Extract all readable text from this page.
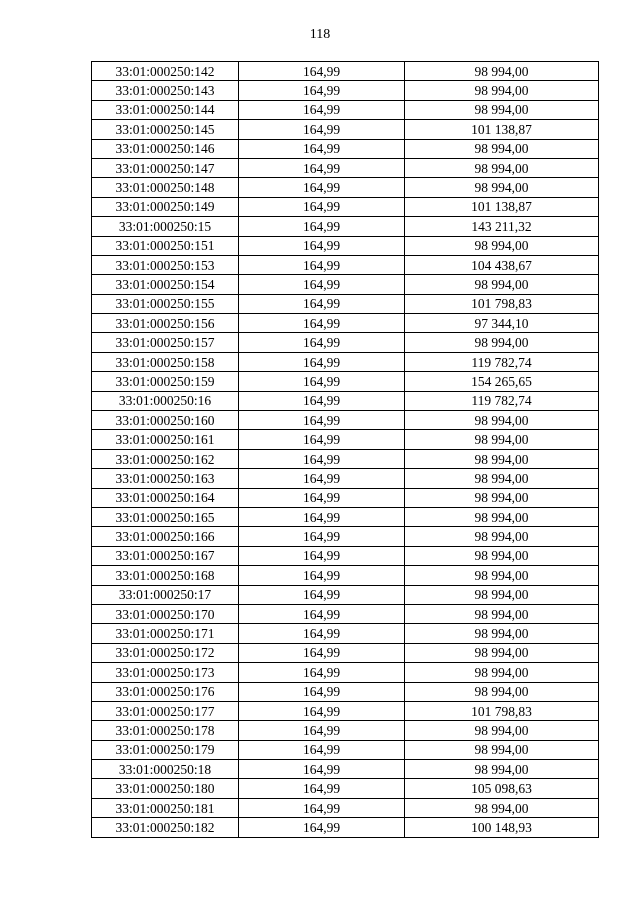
118
33:01:000250:142	164,99	98 994,00
33:01:000250:143	164,99	98 994,00
33:01:000250:144	164,99	98 994,00
33:01:000250:145	164,99	101 138,87
33:01:000250:146	164,99	98 994,00
33:01:000250:147	164,99	98 994,00
33:01:000250:148	164,99	98 994,00
33:01:000250:149	164,99	101 138,87
33:01:000250:15	164,99	143 211,32
33:01:000250:151	164,99	98 994,00
33:01:000250:153	164,99	104 438,67
33:01:000250:154	164,99	98 994,00
33:01:000250:155	164,99	101 798,83
33:01:000250:156	164,99	97 344,10
33:01:000250:157	164,99	98 994,00
33:01:000250:158	164,99	119 782,74
33:01:000250:159	164,99	154 265,65
33:01:000250:16	164,99	119 782,74
33:01:000250:160	164,99	98 994,00
33:01:000250:161	164,99	98 994,00
33:01:000250:162	164,99	98 994,00
33:01:000250:163	164,99	98 994,00
33:01:000250:164	164,99	98 994,00
33:01:000250:165	164,99	98 994,00
33:01:000250:166	164,99	98 994,00
33:01:000250:167	164,99	98 994,00
33:01:000250:168	164,99	98 994,00
33:01:000250:17	164,99	98 994,00
33:01:000250:170	164,99	98 994,00
33:01:000250:171	164,99	98 994,00
33:01:000250:172	164,99	98 994,00
33:01:000250:173	164,99	98 994,00
33:01:000250:176	164,99	98 994,00
33:01:000250:177	164,99	101 798,83
33:01:000250:178	164,99	98 994,00
33:01:000250:179	164,99	98 994,00
33:01:000250:18	164,99	98 994,00
33:01:000250:180	164,99	105 098,63
33:01:000250:181	164,99	98 994,00
33:01:000250:182	164,99	100 148,93
